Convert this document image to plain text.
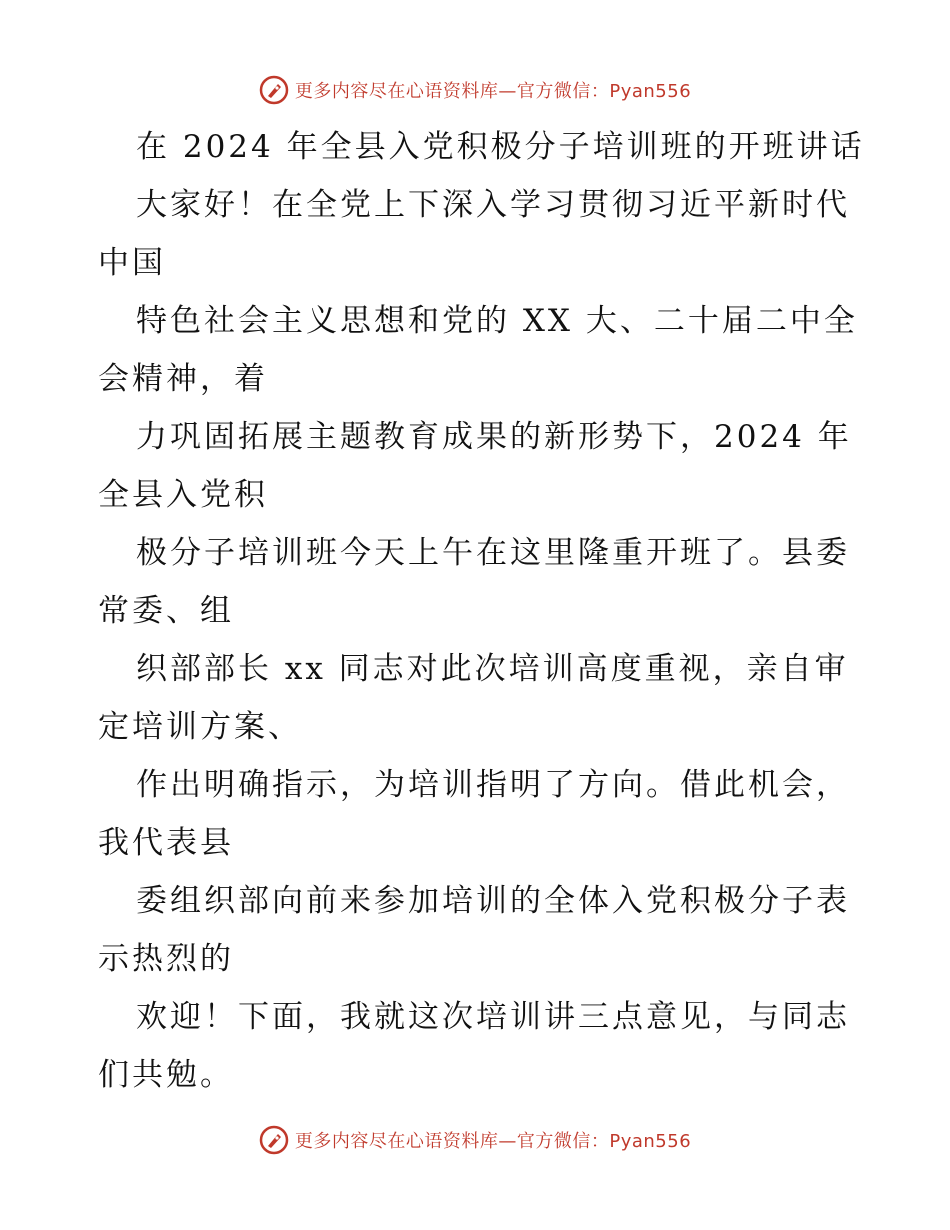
更多内容尽在心语资料库—官方微信：Pyan556
在 2024 年全县入党积极分子培训班的开班讲话
大家好！在全党上下深入学习贯彻习近平新时代
中国
特色社会主义思想和党的 XX 大、二十届二中全
会精神，着
力巩固拓展主题教育成果的新形势下，2024 年
全县入党积
极分子培训班今天上午在这里隆重开班了。县委
常委、组
织部部长 xx 同志对此次培训高度重视，亲自审
定培训方案、
作出明确指示，为培训指明了方向。借此机会，
我代表县
委组织部向前来参加培训的全体入党积极分子表
示热烈的
欢迎！下面，我就这次培训讲三点意见，与同志
们共勉。
更多内容尽在心语资料库—官方微信：Pyan556
